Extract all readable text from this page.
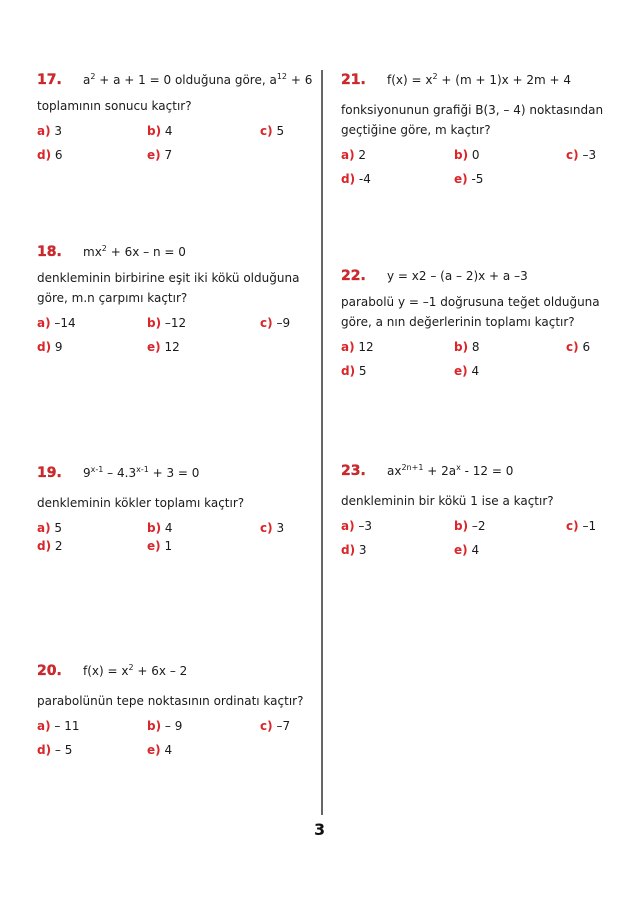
17.	$a^2 + a + 1 = 0$ olduğuna göre, $a^{12} + 6$
toplamının sonucu kaçtır?
a) 3	b) 4	c) 5
d) 6	e) 7
18.	$mx^2 + 6x - n = 0$
denkleminin birbirine eşit iki kökü olduğuna
göre, m.n çarpımı kaçtır?
a) –14	b) –12	c) –9
d) 9	e) 12
19.	$9^{x-1} - 4.3^{x-1} + 3 = 0$
denkleminin kökler toplamı kaçtır?
a) 5	b) 4	c) 3
d) 2	e) 1
20.	$f(x) = x^2 + 6x - 2$
parabolünün tepe noktasının ordinatı kaçtır?
a) – 11	b) – 9	c) –7
d) – 5	e) 4
21.	$f(x) = x^2 + (m + 1)x + 2m + 4$
fonksiyonunun grafiği B(3, – 4) noktasından
geçtiğine göre, m kaçtır?
a) 2	b) 0	c) –3
d) -4	e) -5
22.	y = x2 – (a – 2)x + a –3
parabolü y = –1 doğrusuna teğet olduğuna
göre, a nın değerlerinin toplamı kaçtır?
a) 12	b) 8	c) 6
d) 5	e) 4
23.	$ax^{2n+1} + 2a^x - 12 = 0$
denkleminin bir kökü 1 ise a kaçtır?
a) –3	b) –2	c) –1
d) 3	e) 4
3
